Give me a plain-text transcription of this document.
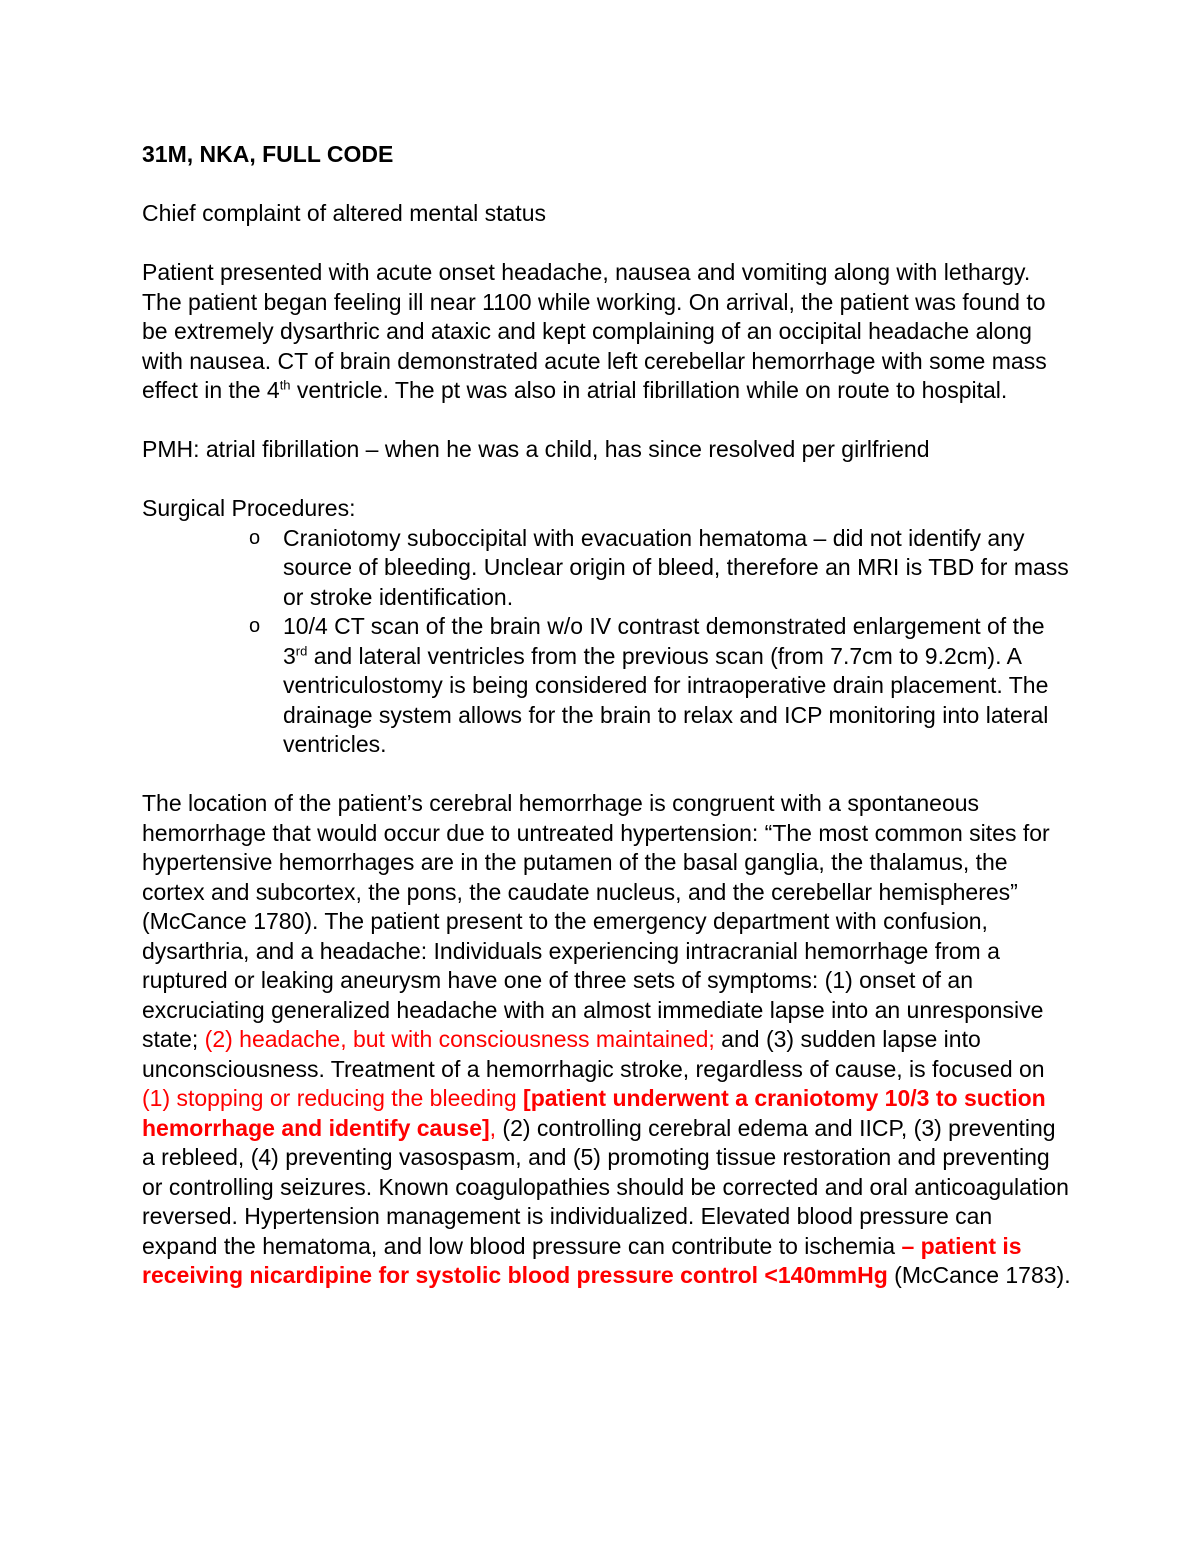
31M, NKA, FULL CODE
Chief complaint of altered mental status
Patient presented with acute onset headache, nausea and vomiting along with lethargy. The patient began feeling ill near 1100 while working. On arrival, the patient was found to be extremely dysarthric and ataxic and kept complaining of an occipital headache along with nausea. CT of brain demonstrated acute left cerebellar hemorrhage with some mass effect in the 4th ventricle. The pt was also in atrial fibrillation while on route to hospital.
PMH: atrial fibrillation – when he was a child, has since resolved per girlfriend
Surgical Procedures:
o Craniotomy suboccipital with evacuation hematoma – did not identify any source of bleeding. Unclear origin of bleed, therefore an MRI is TBD for mass or stroke identification.
o 10/4 CT scan of the brain w/o IV contrast demonstrated enlargement of the 3rd and lateral ventricles from the previous scan (from 7.7cm to 9.2cm). A ventriculostomy is being considered for intraoperative drain placement. The drainage system allows for the brain to relax and ICP monitoring into lateral ventricles.
The location of the patient’s cerebral hemorrhage is congruent with a spontaneous hemorrhage that would occur due to untreated hypertension: “The most common sites for hypertensive hemorrhages are in the putamen of the basal ganglia, the thalamus, the cortex and subcortex, the pons, the caudate nucleus, and the cerebellar hemispheres” (McCance 1780). The patient present to the emergency department with confusion, dysarthria, and a headache: Individuals experiencing intracranial hemorrhage from a ruptured or leaking aneurysm have one of three sets of symptoms: (1) onset of an excruciating generalized headache with an almost immediate lapse into an unresponsive state; (2) headache, but with consciousness maintained; and (3) sudden lapse into unconsciousness. Treatment of a hemorrhagic stroke, regardless of cause, is focused on (1) stopping or reducing the bleeding [patient underwent a craniotomy 10/3 to suction hemorrhage and identify cause], (2) controlling cerebral edema and IICP, (3) preventing a rebleed, (4) preventing vasospasm, and (5) promoting tissue restoration and preventing or controlling seizures. Known coagulopathies should be corrected and oral anticoagulation reversed. Hypertension management is individualized. Elevated blood pressure can expand the hematoma, and low blood pressure can contribute to ischemia – patient is receiving nicardipine for systolic blood pressure control <140mmHg (McCance 1783).
